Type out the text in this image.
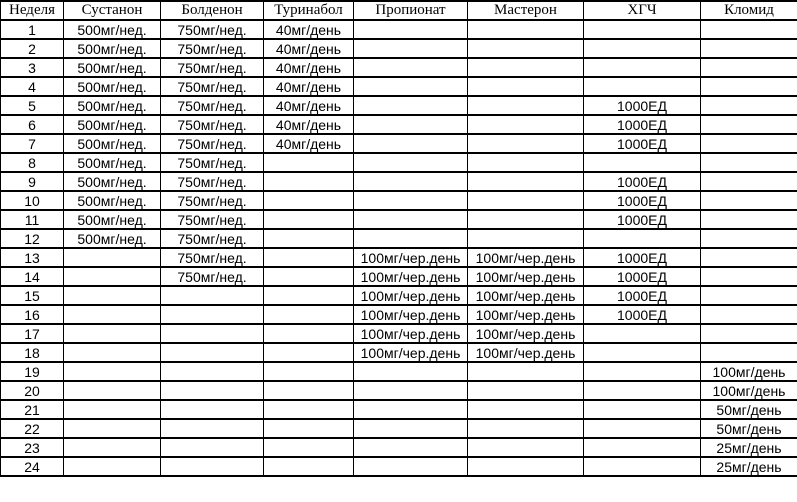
Неделя	Сустанон	Болденон	Туринабол	Пропионат	Мастерон	ХГЧ	Кломид
1	500мг/нед.	750мг/нед.	40мг/день				
2	500мг/нед.	750мг/нед.	40мг/день				
3	500мг/нед.	750мг/нед.	40мг/день				
4	500мг/нед.	750мг/нед.	40мг/день				
5	500мг/нед.	750мг/нед.	40мг/день			1000ЕД	
6	500мг/нед.	750мг/нед.	40мг/день			1000ЕД	
7	500мг/нед.	750мг/нед.	40мг/день			1000ЕД	
8	500мг/нед.	750мг/нед.					
9	500мг/нед.	750мг/нед.				1000ЕД	
10	500мг/нед.	750мг/нед.				1000ЕД	
11	500мг/нед.	750мг/нед.				1000ЕД	
12	500мг/нед.	750мг/нед.					
13		750мг/нед.		100мг/чер.день	100мг/чер.день	1000ЕД	
14		750мг/нед.		100мг/чер.день	100мг/чер.день	1000ЕД	
15				100мг/чер.день	100мг/чер.день	1000ЕД	
16				100мг/чер.день	100мг/чер.день	1000ЕД	
17				100мг/чер.день	100мг/чер.день		
18				100мг/чер.день	100мг/чер.день		
19							100мг/день
20							100мг/день
21							50мг/день
22							50мг/день
23							25мг/день
24							25мг/день
